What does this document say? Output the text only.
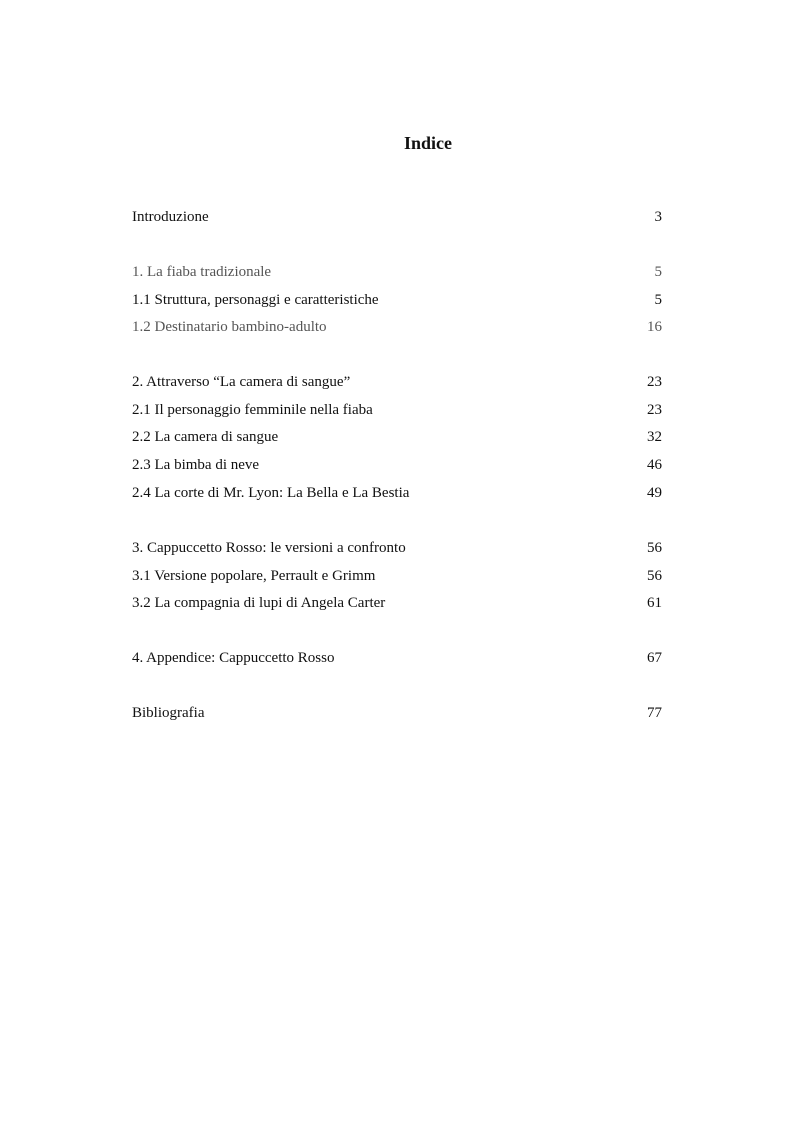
Indice
Introduzione	3
1. La fiaba tradizionale	5
1.1 Struttura, personaggi e caratteristiche	5
1.2 Destinatario bambino-adulto	16
2. Attraverso “La camera di sangue”	23
2.1 Il personaggio femminile nella fiaba	23
2.2 La camera di sangue	32
2.3 La bimba di neve	46
2.4 La corte di Mr. Lyon: La Bella e La Bestia	49
3. Cappuccetto Rosso: le versioni a confronto	56
3.1 Versione popolare, Perrault e Grimm	56
3.2 La compagnia di lupi di Angela Carter	61
4. Appendice: Cappuccetto Rosso	67
Bibliografia	77
